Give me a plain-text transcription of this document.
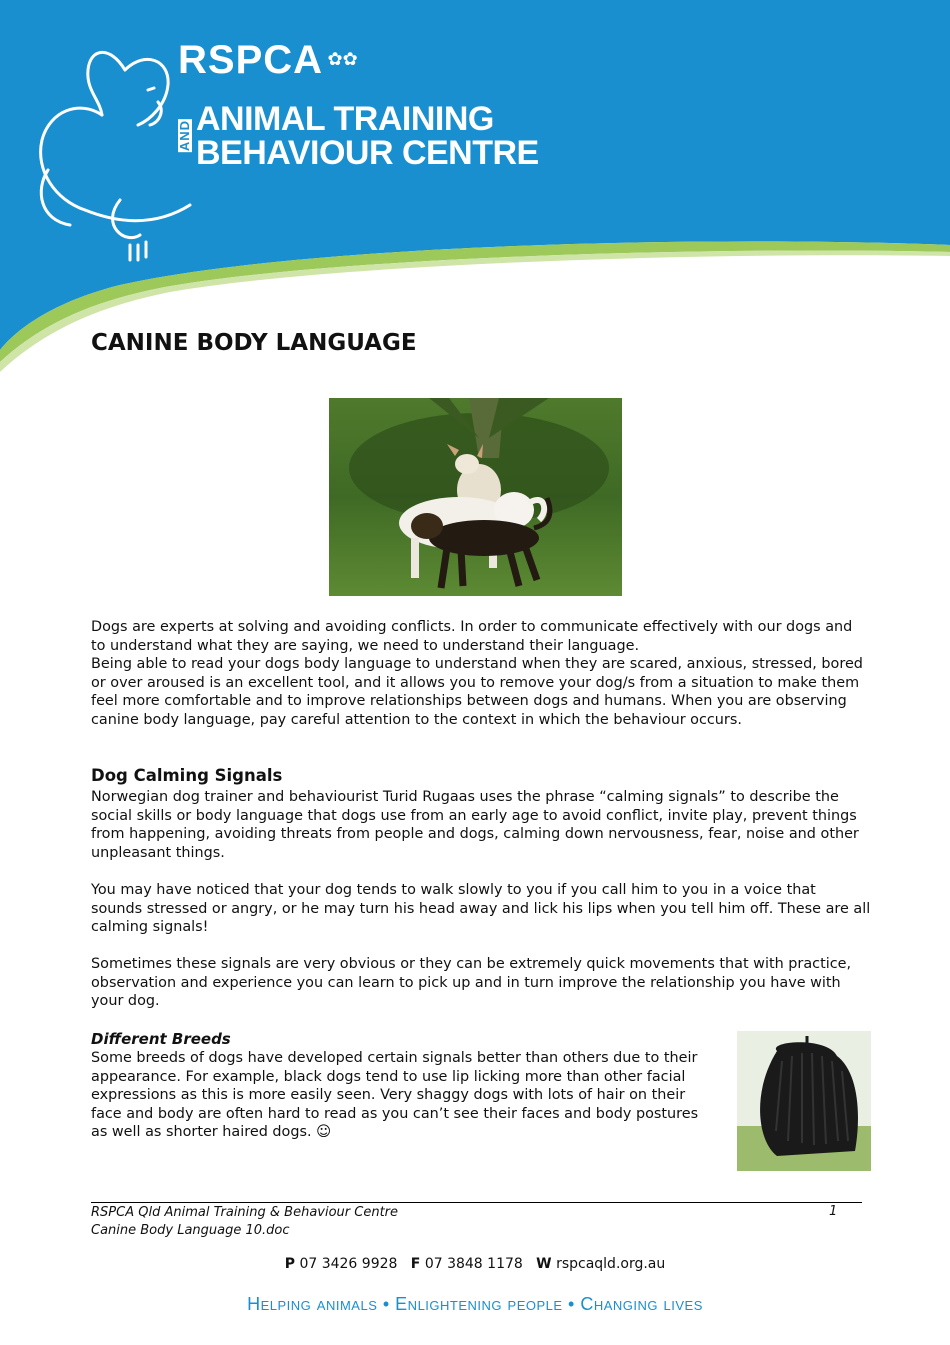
RSPCA ✿✿
AND ANIMAL TRAINING
BEHAVIOUR CENTRE
CANINE BODY LANGUAGE
Dogs are experts at solving and avoiding conflicts. In order to communicate effectively with our dogs and to understand what they are saying, we need to understand their language.
Being able to read your dogs body language to understand when they are scared, anxious, stressed, bored or over aroused is an excellent tool, and it allows you to remove your dog/s from a situation to make them feel more comfortable and to improve relationships between dogs and humans. When you are observing canine body language, pay careful attention to the context in which the behaviour occurs.
Dog Calming Signals

Norwegian dog trainer and behaviourist Turid Rugaas uses the phrase “calming signals” to describe the social skills or body language that dogs use from an early age to avoid conflict, invite play, prevent things from happening, avoiding threats from people and dogs, calming down nervousness, fear, noise and other unpleasant things.

You may have noticed that your dog tends to walk slowly to you if you call him to you in a voice that sounds stressed or angry, or he may turn his head away and lick his lips when you tell him off. These are all calming signals!

Sometimes these signals are very obvious or they can be extremely quick movements that with practice, observation and experience you can learn to pick up and in turn improve the relationship you have with your dog.

Different Breeds

Some breeds of dogs have developed certain signals better than others due to their appearance. For example, black dogs tend to use lip licking more than other facial expressions as this is more easily seen. Very shaggy dogs with lots of hair on their face and body are often hard to read as you can’t see their faces and body postures as well as shorter haired dogs. ☺

RSPCA Qld Animal Training & Behaviour Centre
Canine Body Language 10.doc
1
P 07 3426 9928 F 07 3848 1178 W rspcaqld.org.au
Helping animals • Enlightening people • Changing lives
